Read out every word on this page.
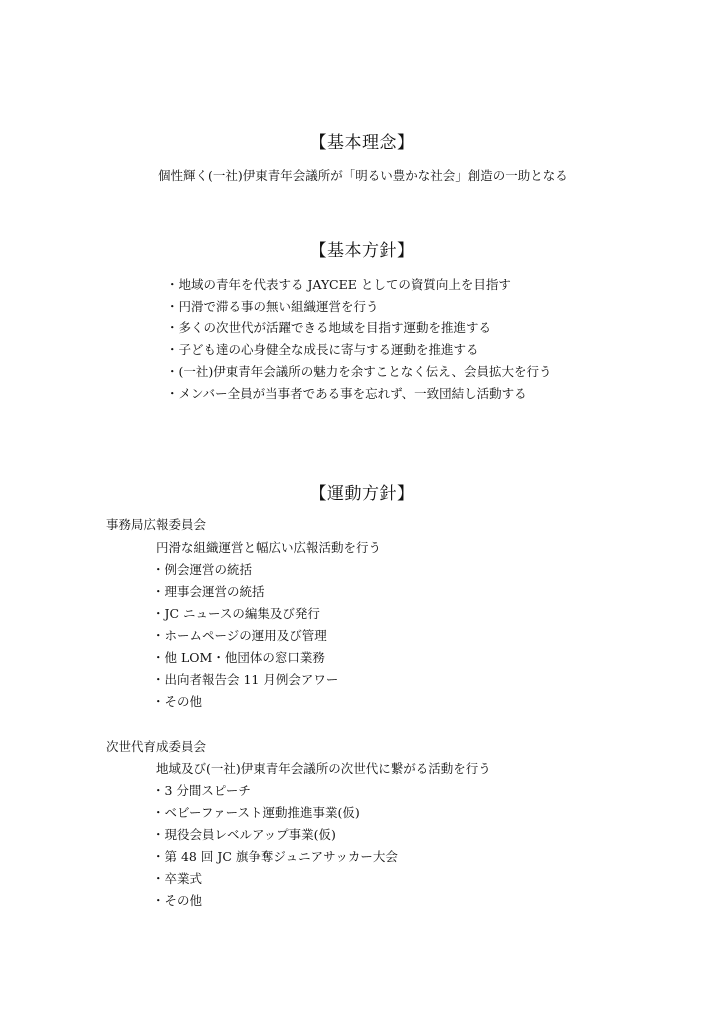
【基本理念】
個性輝く(一社)伊東青年会議所が「明るい豊かな社会」創造の一助となる
【基本方針】
・地域の青年を代表する JAYCEE としての資質向上を目指す
・円滑で滞る事の無い組織運営を行う
・多くの次世代が活躍できる地域を目指す運動を推進する
・子ども達の心身健全な成長に寄与する運動を推進する
・(一社)伊東青年会議所の魅力を余すことなく伝え、会員拡大を行う
・メンバー全員が当事者である事を忘れず、一致団結し活動する
【運動方針】
事務局広報委員会
円滑な組織運営と幅広い広報活動を行う
・例会運営の統括
・理事会運営の統括
・JC ニュースの編集及び発行
・ホームページの運用及び管理
・他 LOM・他団体の窓口業務
・出向者報告会 11 月例会アワー
・その他
次世代育成委員会
地域及び(一社)伊東青年会議所の次世代に繋がる活動を行う
・3 分間スピーチ
・ベビーファースト運動推進事業(仮)
・現役会員レベルアップ事業(仮)
・第 48 回 JC 旗争奪ジュニアサッカー大会
・卒業式
・その他
